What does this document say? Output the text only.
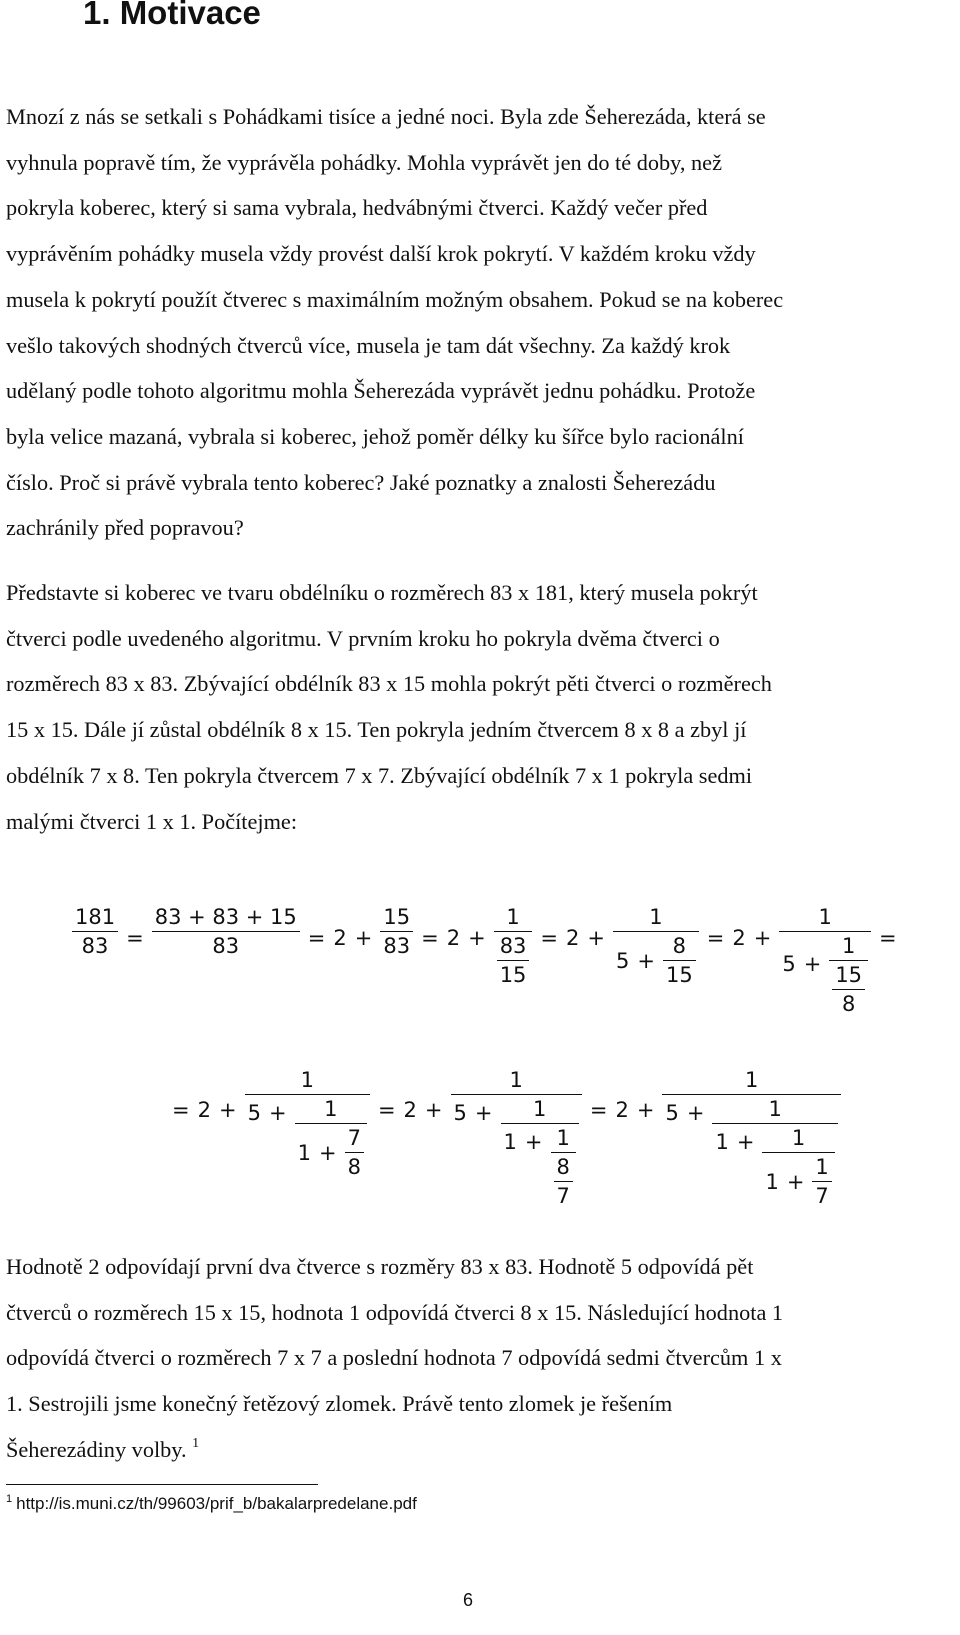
1. Motivace
Mnozí z nás se setkali s Pohádkami tisíce a jedné noci. Byla zde Šeherezáda, která se
vyhnula popravě tím, že vyprávěla pohádky. Mohla vyprávět jen do té doby, než
pokryla koberec, který si sama vybrala, hedvábnými čtverci. Každý večer před
vyprávěním pohádky musela vždy provést další krok pokrytí. V každém kroku vždy
musela k pokrytí použít čtverec s maximálním možným obsahem. Pokud se na koberec
vešlo takových shodných čtverců více, musela je tam dát všechny. Za každý krok
udělaný podle tohoto algoritmu mohla Šeherezáda vyprávět jednu pohádku. Protože
byla velice mazaná, vybrala si koberec, jehož poměr délky ku šířce bylo racionální
číslo. Proč si právě vybrala tento koberec? Jaké poznatky a znalosti Šeherezádu
zachránily před popravou?
Představte si koberec ve tvaru obdélníku o rozměrech 83 x 181, který musela pokrýt
čtverci podle uvedeného algoritmu. V prvním kroku ho pokryla dvěma čtverci o
rozměrech 83 x 83. Zbývající obdélník 83 x 15 mohla pokrýt pěti čtverci o rozměrech
15 x 15. Dále jí zůstal obdélník 8 x 15. Ten pokryla jedním čtvercem 8 x 8 a zbyl jí
obdélník 7 x 8. Ten pokryla čtvercem 7 x 7. Zbývající obdélník 7 x 1 pokryla sedmi
malými čtverci 1 x 1. Počítejme:
$\frac{181}{83} = \frac{83 + 83 + 15}{83} = 2 + \frac{15}{83} = 2 + \frac{1}{\frac{83}{15}} = 2 + \frac{1}{5 + \frac{8}{15}} = 2 + \frac{1}{5 + \frac{1}{\frac{15}{8}}}$ =
= $2 + \frac{1}{5 + \frac{1}{1 + \frac{7}{8}}} = 2 + \frac{1}{5 + \frac{1}{1 + \frac{1}{\frac{8}{7}}}} = 2 + \frac{1}{5 + \frac{1}{1 + \frac{1}{1 + \frac{1}{7}}}}$
Hodnotě 2 odpovídají první dva čtverce s rozměry 83 x 83. Hodnotě 5 odpovídá pět
čtverců o rozměrech 15 x 15, hodnota 1 odpovídá čtverci 8 x 15. Následující hodnota 1
odpovídá čtverci o rozměrech 7 x 7 a poslední hodnota 7 odpovídá sedmi čtvercům 1 x
1. Sestrojili jsme konečný řetězový zlomek. Právě tento zlomek je řešením
Šeherezádiny volby. $^1$
$^1$ http://is.muni.cz/th/99603/prif_b/bakalarpredelane.pdf
6
